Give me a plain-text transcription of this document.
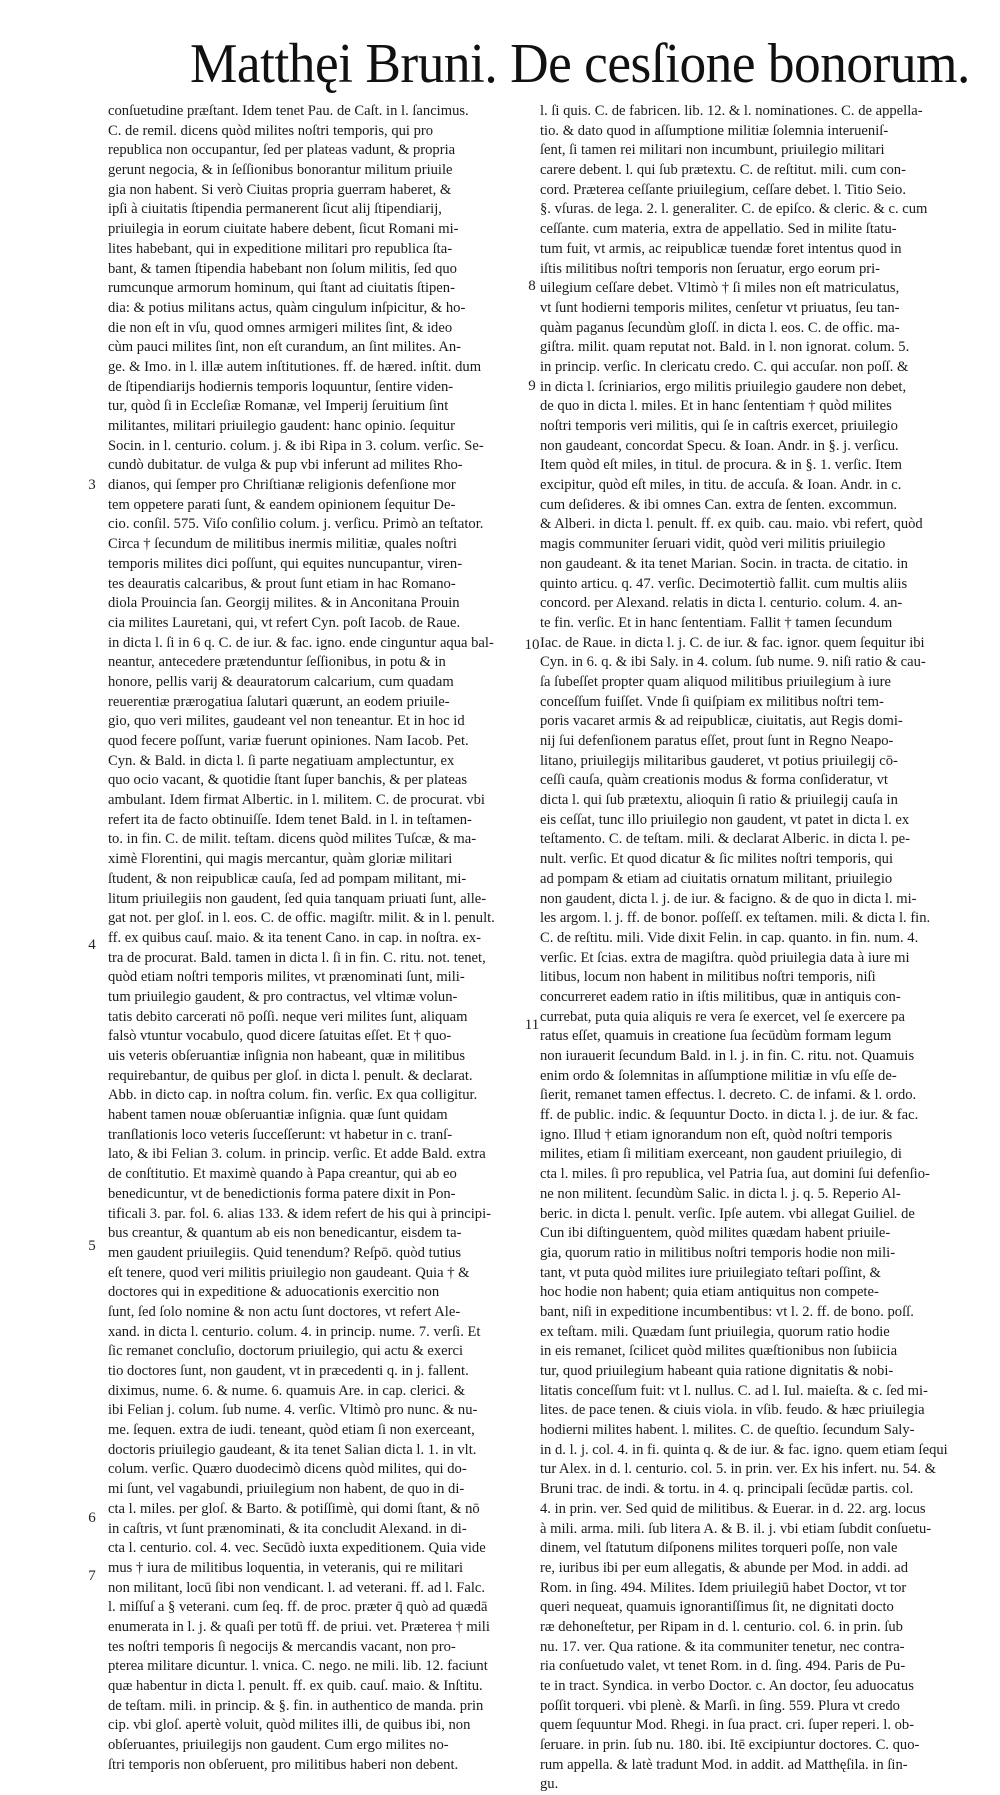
Matthęi Bruni. De cesſione bonorum.
conſuetudine præſtant. Idem tenet Pau. de Caſt. in l. ſancimus.
C. de remil. dicens quòd milites noſtri temporis, qui pro
republica non occupantur, ſed per plateas vadunt, & propria
gerunt negocia, & in ſeſſionibus bonorantur militum priuile
gia non habent. Si verò Ciuitas propria guerram haberet, &
ipſi à ciuitatis ſtipendia permanerent ſicut alij ſtipendiarij,
priuilegia in eorum ciuitate habere debent, ſicut Romani mi-
lites habebant, qui in expeditione militari pro republica ſta-
bant, & tamen ſtipendia habebant non ſolum militis, ſed quo
rumcunque armorum hominum, qui ſtant ad ciuitatis ſtipen-
dia: & potius militans actus, quàm cingulum inſpicitur, & ho-
die non eſt in vſu, quod omnes armigeri milites ſint, & ideo
cùm pauci milites ſint, non eſt curandum, an ſint milites. An-
ge. & Imo. in l. illæ autem inſtitutiones. ff. de hæred. inſtit. dum
de ſtipendiarijs hodiernis temporis loquuntur, ſentire viden-
tur, quòd ſi in Eccleſiæ Romanæ, vel Imperij ſeruitium ſint
militantes, militari priuilegio gaudent: hanc opinio. ſequitur
Socin. in l. centurio. colum. j. & ibi Ripa in 3. colum. verſic. Se-
cundò dubitatur. de vulga & pup vbi inferunt ad milites Rho-
dianos, qui ſemper pro Chriſtianæ religionis defenſione mor
tem oppetere parati ſunt, & eandem opinionem ſequitur De-
cio. conſil. 575. Viſo conſilio colum. j. verſicu. Primò an teſtator.
Circa † ſecundum de militibus inermis militiæ, quales noſtri
temporis milites dici poſſunt, qui equites nuncupantur, viren-
tes deauratis calcaribus, & prout ſunt etiam in hac Romano-
diola Prouincia ſan. Georgij milites. & in Anconitana Prouin
cia milites Lauretani, qui, vt refert Cyn. poſt Iacob. de Raue.
in dicta l. ſi in 6 q. C. de iur. & fac. igno. ende cinguntur aqua bal-
neantur, antecedere prætenduntur ſeſſionibus, in potu & in
honore, pellis varij & deauratorum calcarium, cum quadam
reuerentiæ prærogatiua ſalutari quærunt, an eodem priuile-
gio, quo veri milites, gaudeant vel non teneantur. Et in hoc id
quod fecere poſſunt, variæ fuerunt opiniones. Nam Iacob. Pet.
Cyn. & Bald. in dicta l. ſi parte negatiuam amplectuntur, ex
quo ocio vacant, & quotidie ſtant ſuper banchis, & per plateas
ambulant. Idem firmat Albertic. in l. militem. C. de procurat. vbi
refert ita de facto obtinuiſſe. Idem tenet Bald. in l. in teſtamen-
to. in fin. C. de milit. teſtam. dicens quòd milites Tuſcæ, & ma-
ximè Florentini, qui magis mercantur, quàm gloriæ militari
ſtudent, & non reipublicæ cauſa, ſed ad pompam militant, mi-
litum priuilegiis non gaudent, ſed quia tanquam priuati ſunt, alle-
gat not. per gloſ. in l. eos. C. de offic. magiſtr. milit. & in l. penult.
ff. ex quibus cauſ. maio. & ita tenent Cano. in cap. in noſtra. ex-
tra de procurat. Bald. tamen in dicta l. ſi in fin. C. ritu. not. tenet,
quòd etiam noſtri temporis milites, vt prænominati ſunt, mili-
tum priuilegio gaudent, & pro contractus, vel vltimæ volun-
tatis debito carcerati nō poſſi. neque veri milites ſunt, aliquam
falsò vtuntur vocabulo, quod dicere ſatuitas eſſet. Et † quo-
uis veteris obſeruantiæ inſignia non habeant, quæ in militibus
requirebantur, de quibus per gloſ. in dicta l. penult. & declarat.
Abb. in dicto cap. in noſtra colum. fin. verſic. Ex qua colligitur.
habent tamen nouæ obſeruantiæ inſignia. quæ ſunt quidam
tranſlationis loco veteris ſucceſſerunt: vt habetur in c. tranſ-
lato, & ibi Felian 3. colum. in princip. verſic. Et adde Bald. extra
de conſtitutio. Et maximè quando à Papa creantur, qui ab eo
benedicuntur, vt de benedictionis forma patere dixit in Pon-
tificali 3. par. fol. 6. alias 133. & idem refert de his qui à principi-
bus creantur, & quantum ab eis non benedicantur, eisdem ta-
men gaudent priuilegiis. Quid tenendum? Reſpō. quòd tutius
eſt tenere, quod veri militis priuilegio non gaudeant. Quia † &
doctores qui in expeditione & aduocationis exercitio non
ſunt, ſed ſolo nomine & non actu ſunt doctores, vt refert Ale-
xand. in dicta l. centurio. colum. 4. in princip. nume. 7. verſi. Et
ſic remanet concluſio, doctorum priuilegio, qui actu & exerci
tio doctores ſunt, non gaudent, vt in præcedenti q. in j. fallent.
diximus, nume. 6. & nume. 6. quamuis Are. in cap. clerici. &
ibi Felian j. colum. ſub nume. 4. verſic. Vltimò pro nunc. & nu-
me. ſequen. extra de iudi. teneant, quòd etiam ſi non exerceant,
doctoris priuilegio gaudeant, & ita tenet Salian dicta l. 1. in vlt.
colum. verſic. Quæro duodecimò dicens quòd milites, qui do-
mi ſunt, vel vagabundi, priuilegium non habent, de quo in di-
cta l. miles. per gloſ. & Barto. & potiſſimè, qui domi ſtant, & nō
in caſtris, vt ſunt prænominati, & ita concludit Alexand. in di-
cta l. centurio. col. 4. vec. Secūdò iuxta expeditionem. Quia vide
mus † iura de militibus loquentia, in veteranis, qui re militari
non militant, locū ſibi non vendicant. l. ad veterani. ff. ad l. Falc.
l. miſſuſ a § veterani. cum ſeq. ff. de proc. præter q̄ quò ad quædā
enumerata in l. j. & quaſi per totū ff. de priui. vet. Præterea † mili
tes noſtri temporis ſi negocijs & mercandis vacant, non pro-
pterea militare dicuntur. l. vnica. C. nego. ne mili. lib. 12. faciunt
quæ habentur in dicta l. penult. ff. ex quib. cauſ. maio. & Inſtitu.
de teſtam. mili. in princip. & §. fin. in authentico de manda. prin
cip. vbi gloſ. apertè voluit, quòd milites illi, de quibus ibi, non
obſeruantes, priuilegijs non gaudent. Cum ergo milites no-
ſtri temporis non obſeruent, pro militibus haberi non debent.
l. ſi quis. C. de fabricen. lib. 12. & l. nominationes. C. de appella-
tio. & dato quod in aſſumptione militiæ ſolemnia interueniſ-
ſent, ſi tamen rei militari non incumbunt, priuilegio militari
carere debent. l. qui ſub prætextu. C. de reſtitut. mili. cum con-
cord. Præterea ceſſante priuilegium, ceſſare debet. l. Titio Seio.
§. vſuras. de lega. 2. l. generaliter. C. de epiſco. & cleric. & c. cum
ceſſante. cum materia, extra de appellatio. Sed in milite ſtatu-
tum fuit, vt armis, ac reipublicæ tuendæ foret intentus quod in
iſtis militibus noſtri temporis non ſeruatur, ergo eorum pri-
uilegium ceſſare debet. Vltimò † ſi miles non eſt matriculatus,
vt ſunt hodierni temporis milites, cenſetur vt priuatus, ſeu tan-
quàm paganus ſecundùm gloſſ. in dicta l. eos. C. de offic. ma-
giſtra. milit. quam reputat not. Bald. in l. non ignorat. colum. 5.
in princip. verſic. In clericatu credo. C. qui accuſar. non poſſ. &
in dicta l. ſcriniarios, ergo militis priuilegio gaudere non debet,
de quo in dicta l. miles. Et in hanc ſententiam † quòd milites
noſtri temporis veri militis, qui ſe in caſtris exercet, priuilegio
non gaudeant, concordat Specu. & Ioan. Andr. in §. j. verſicu.
Item quòd eſt miles, in titul. de procura. & in §. 1. verſic. Item
excipitur, quòd eſt miles, in titu. de accuſa. & Ioan. Andr. in c.
cum deſideres. & ibi omnes Can. extra de ſenten. excommun.
& Alberi. in dicta l. penult. ff. ex quib. cau. maio. vbi refert, quòd
magis communiter ſeruari vidit, quòd veri militis priuilegio
non gaudeant. & ita tenet Marian. Socin. in tracta. de citatio. in
quinto articu. q. 47. verſic. Decimotertiò fallit. cum multis aliis
concord. per Alexand. relatis in dicta l. centurio. colum. 4. an-
te fin. verſic. Et in hanc ſententiam. Fallit † tamen ſecundum
Iac. de Raue. in dicta l. j. C. de iur. & fac. ignor. quem ſequitur ibi
Cyn. in 6. q. & ibi Saly. in 4. colum. ſub nume. 9. niſi ratio & cau-
ſa ſubeſſet propter quam aliquod militibus priuilegium à iure
conceſſum fuiſſet. Vnde ſi quiſpiam ex militibus noſtri tem-
poris vacaret armis & ad reipublicæ, ciuitatis, aut Regis domi-
nij ſui defenſionem paratus eſſet, prout ſunt in Regno Neapo-
litano, priuilegijs militaribus gauderet, vt potius priuilegij cō-
ceſſi cauſa, quàm creationis modus & forma conſideratur, vt
dicta l. qui ſub prætextu, alioquin ſi ratio & priuilegij cauſa in
eis ceſſat, tunc illo priuilegio non gaudent, vt patet in dicta l. ex
teſtamento. C. de teſtam. mili. & declarat Alberic. in dicta l. pe-
nult. verſic. Et quod dicatur & ſic milites noſtri temporis, qui
ad pompam & etiam ad ciuitatis ornatum militant, priuilegio
non gaudent, dicta l. j. de iur. & facigno. & de quo in dicta l. mi-
les argom. l. j. ff. de bonor. poſſeſſ. ex teſtamen. mili. & dicta l. fin.
C. de reſtitu. mili. Vide dixit Felin. in cap. quanto. in fin. num. 4.
verſic. Et ſcias. extra de magiſtra. quòd priuilegia data à iure mi
litibus, locum non habent in militibus noſtri temporis, niſi
concurreret eadem ratio in iſtis militibus, quæ in antiquis con-
currebat, puta quia aliquis re vera ſe exercet, vel ſe exercere pa
ratus eſſet, quamuis in creatione ſua ſecūdùm formam legum
non iurauerit ſecundum Bald. in l. j. in fin. C. ritu. not. Quamuis
enim ordo & ſolemnitas in aſſumptione militiæ in vſu eſſe de-
ſierit, remanet tamen effectus. l. decreto. C. de infami. & l. ordo.
ff. de public. indic. & ſequuntur Docto. in dicta l. j. de iur. & fac.
igno. Illud † etiam ignorandum non eſt, quòd noſtri temporis
milites, etiam ſi militiam exerceant, non gaudent priuilegio, di
cta l. miles. ſi pro republica, vel Patria ſua, aut domini ſui defenſio-
ne non militent. ſecundùm Salic. in dicta l. j. q. 5. Reperio Al-
beric. in dicta l. penult. verſic. Ipſe autem. vbi allegat Guiliel. de
Cun ibi diſtinguentem, quòd milites quædam habent priuile-
gia, quorum ratio in militibus noſtri temporis hodie non mili-
tant, vt puta quòd milites iure priuilegiato teſtari poſſint, &
hoc hodie non habent; quia etiam antiquitus non compete-
bant, niſi in expeditione incumbentibus: vt l. 2. ff. de bono. poſſ.
ex teſtam. mili. Quædam ſunt priuilegia, quorum ratio hodie
in eis remanet, ſcilicet quòd milites quæſtionibus non ſubiicia
tur, quod priuilegium habeant quia ratione dignitatis & nobi-
litatis conceſſum fuit: vt l. nullus. C. ad l. Iul. maieſta. & c. ſed mi-
lites. de pace tenen. & ciuis viola. in vſib. feudo. & hæc priuilegia
hodierni milites habent. l. milites. C. de queſtio. ſecundum Saly-
in d. l. j. col. 4. in fi. quinta q. & de iur. & fac. igno. quem etiam ſequi
tur Alex. in d. l. centurio. col. 5. in prin. ver. Ex his infert. nu. 54. &
Bruni trac. de indi. & tortu. in 4. q. principali ſecūdæ partis. col.
4. in prin. ver. Sed quid de militibus. & Euerar. in d. 22. arg. locus
à mili. arma. mili. ſub litera A. & B. il. j. vbi etiam ſubdit conſuetu-
dinem, vel ſtatutum diſponens milites torqueri poſſe, non vale
re, iuribus ibi per eum allegatis, & abunde per Mod. in addi. ad
Rom. in ſing. 494. Milites. Idem priuilegiū habet Doctor, vt tor
queri nequeat, quamuis ignorantiſſimus ſit, ne dignitati docto
ræ dehoneſtetur, per Ripam in d. l. centurio. col. 6. in prin. ſub
nu. 17. ver. Qua ratione. & ita communiter tenetur, nec contra-
ria conſuetudo valet, vt tenet Rom. in d. ſing. 494. Paris de Pu-
te in tract. Syndica. in verbo Doctor. c. An doctor, ſeu aduocatus
poſſit torqueri. vbi plenè. & Marſi. in ſing. 559. Plura vt credo
quem ſequuntur Mod. Rhegi. in ſua pract. cri. ſuper reperi. l. ob-
ſeruare. in prin. ſub nu. 180. ibi. Itē excipiuntur doctores. C. quo-
rum appella. & latè tradunt Mod. in addit. ad Matthęſila. in ſin-
gu.
3
4
5
6
7
8
9
10
11
